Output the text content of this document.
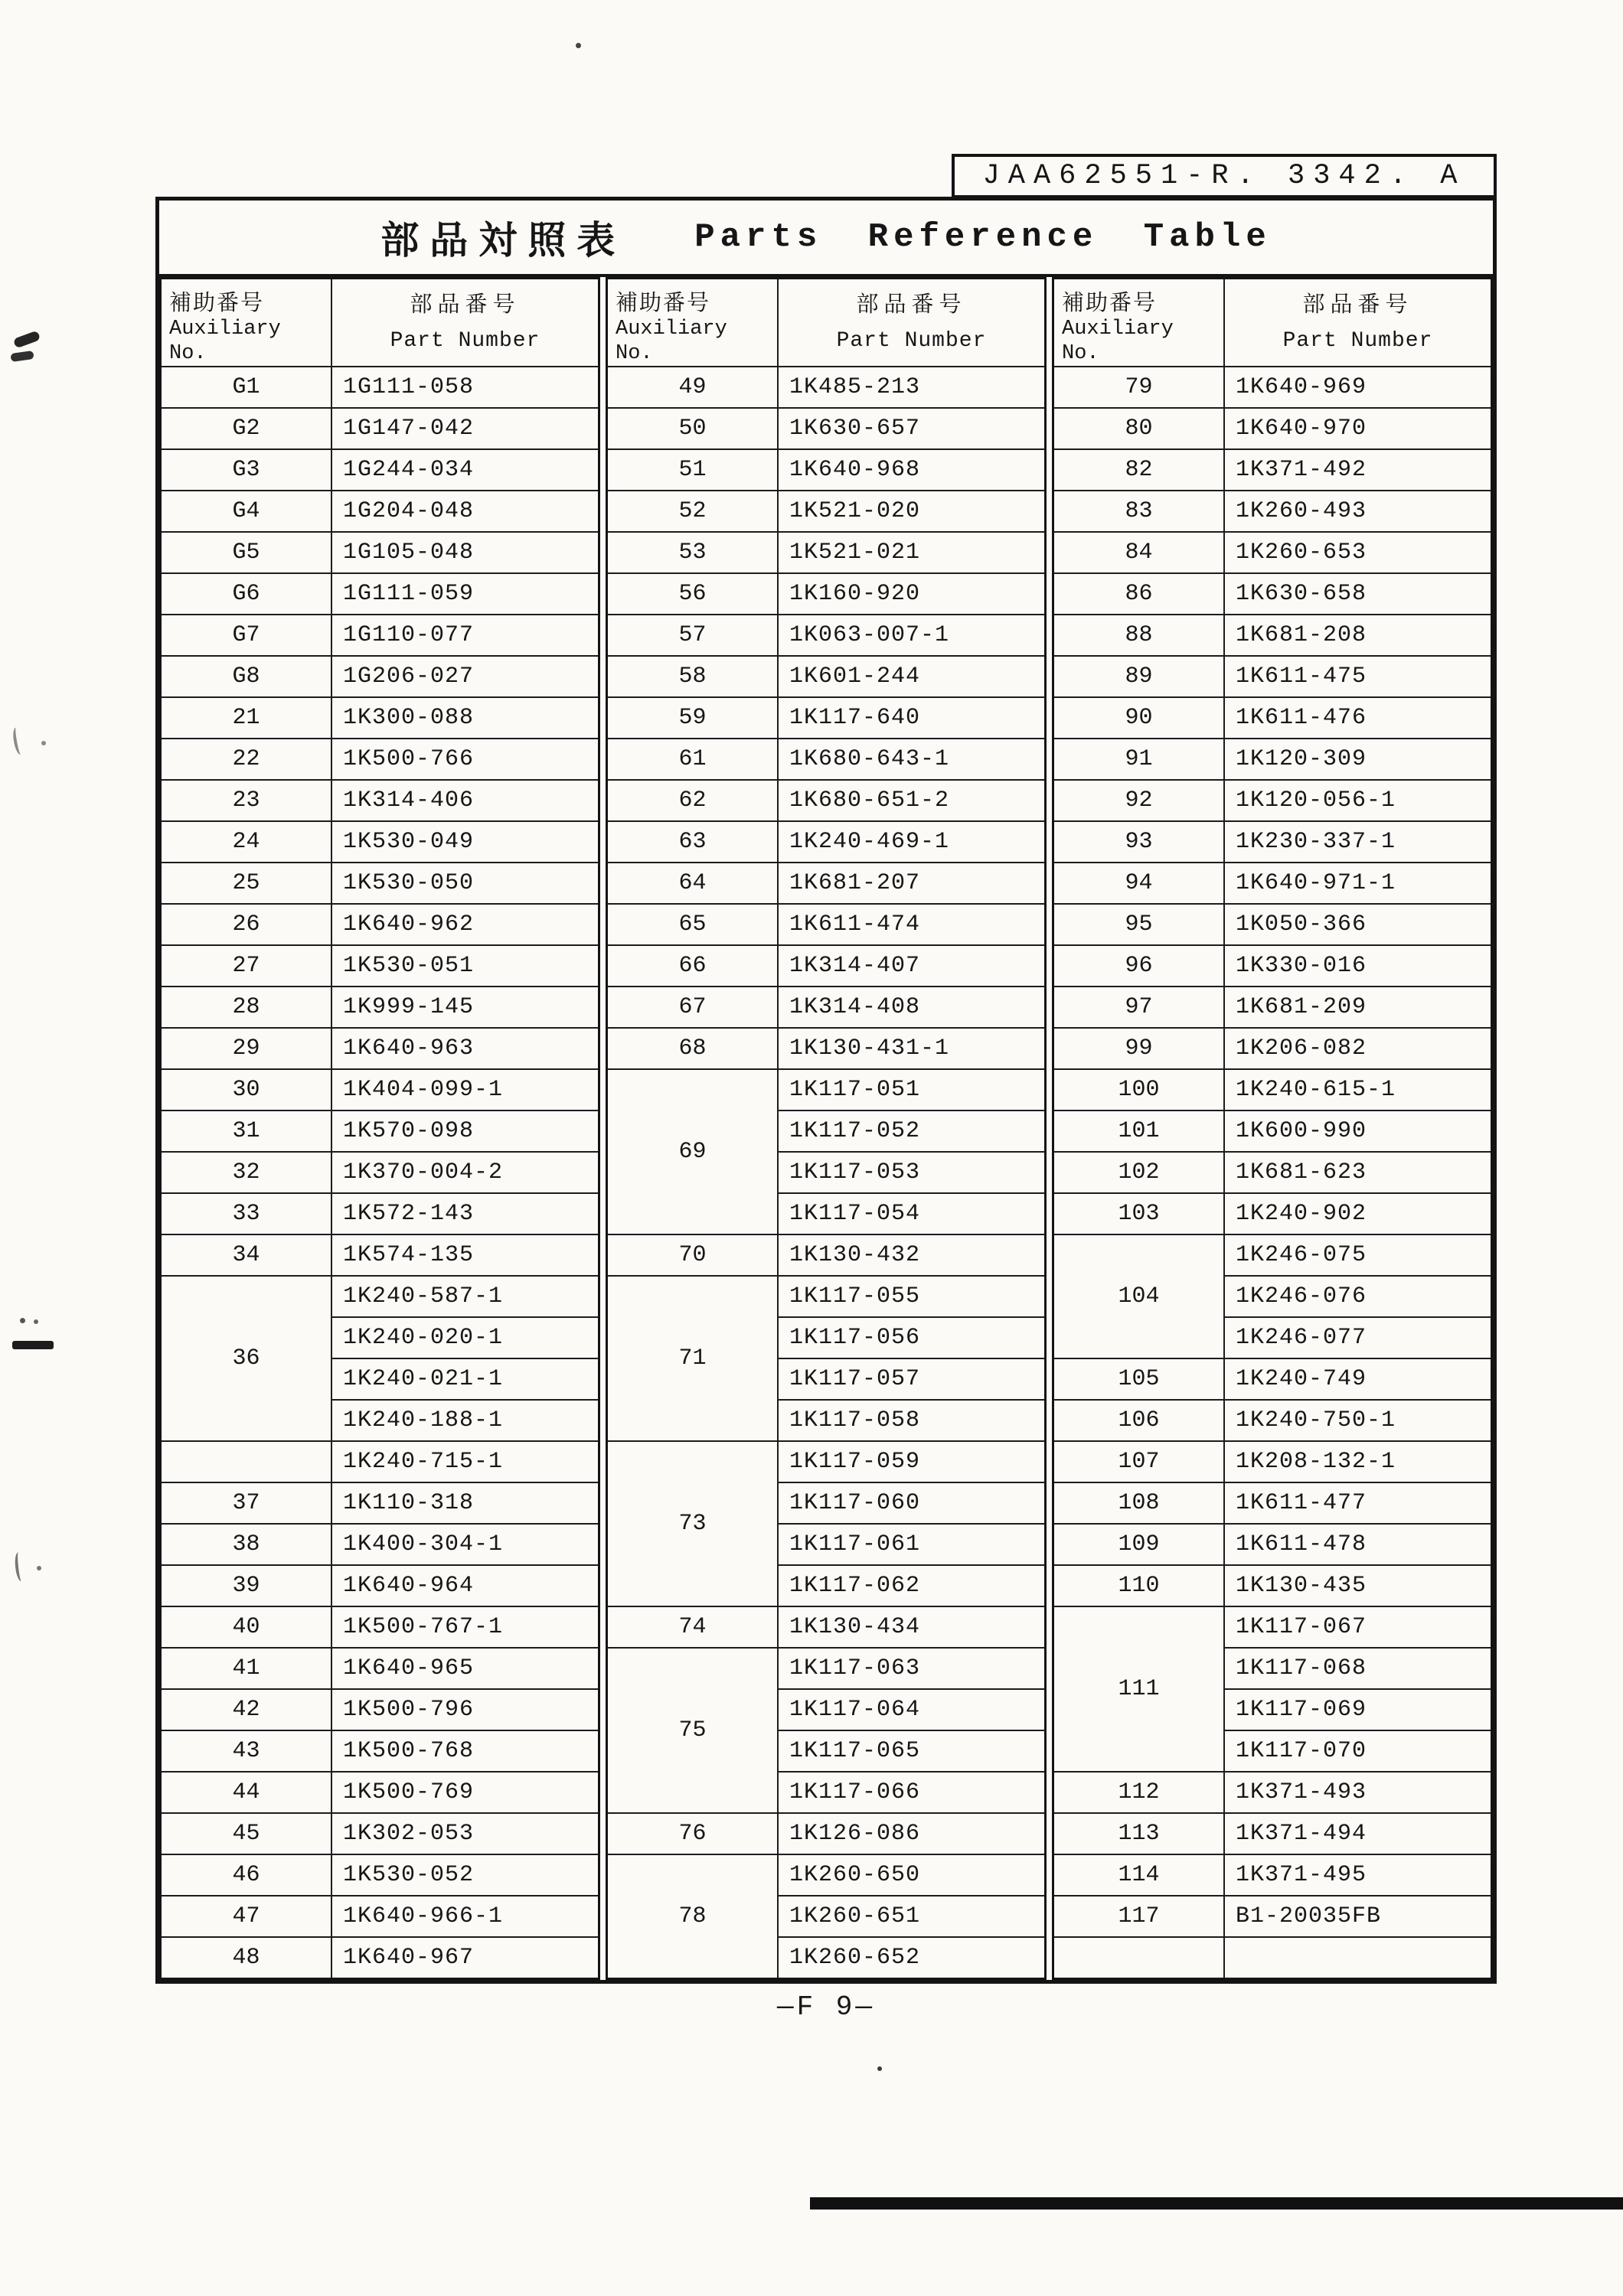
JAA62551-R. 3342. A
部品対照表 Parts Reference Table
補助番号
Auxiliary
No.

部品番号
Part Number

G1	1G111-058
G2	1G147-042
G3	1G244-034
G4	1G204-048
G5	1G105-048
G6	1G111-059
G7	1G110-077
G8	1G206-027
21	1K300-088
22	1K500-766
23	1K314-406
24	1K530-049
25	1K530-050
26	1K640-962
27	1K530-051
28	1K999-145
29	1K640-963
30	1K404-099-1
31	1K570-098
32	1K370-004-2
33	1K572-143
34	1K574-135
36	1K240-587-1
	1K240-020-1
	1K240-021-1
	1K240-188-1
	1K240-715-1
37	1K110-318
38	1K400-304-1
39	1K640-964
40	1K500-767-1
41	1K640-965
42	1K500-796
43	1K500-768
44	1K500-769
45	1K302-053
46	1K530-052
47	1K640-966-1
48	1K640-967
補助番号
Auxiliary
No.

部品番号
Part Number

49	1K485-213
50	1K630-657
51	1K640-968
52	1K521-020
53	1K521-021
56	1K160-920
57	1K063-007-1
58	1K601-244
59	1K117-640
61	1K680-643-1
62	1K680-651-2
63	1K240-469-1
64	1K681-207
65	1K611-474
66	1K314-407
67	1K314-408
68	1K130-431-1
69	1K117-051
	1K117-052
	1K117-053
	1K117-054
70	1K130-432
71	1K117-055
	1K117-056
	1K117-057
	1K117-058
73	1K117-059
	1K117-060
	1K117-061
	1K117-062
74	1K130-434
75	1K117-063
	1K117-064
	1K117-065
	1K117-066
76	1K126-086
78	1K260-650
	1K260-651
	1K260-652
補助番号
Auxiliary
No.

部品番号
Part Number

79	1K640-969
80	1K640-970
82	1K371-492
83	1K260-493
84	1K260-653
86	1K630-658
88	1K681-208
89	1K611-475
90	1K611-476
91	1K120-309
92	1K120-056-1
93	1K230-337-1
94	1K640-971-1
95	1K050-366
96	1K330-016
97	1K681-209
99	1K206-082
100	1K240-615-1
101	1K600-990
102	1K681-623
103	1K240-902
104	1K246-075
	1K246-076
	1K246-077
105	1K240-749
106	1K240-750-1
107	1K208-132-1
108	1K611-477
109	1K611-478
110	1K130-435
111	1K117-067
	1K117-068
	1K117-069
	1K117-070
112	1K371-493
113	1K371-494
114	1K371-495
117	B1-20035FB

—F 9—
